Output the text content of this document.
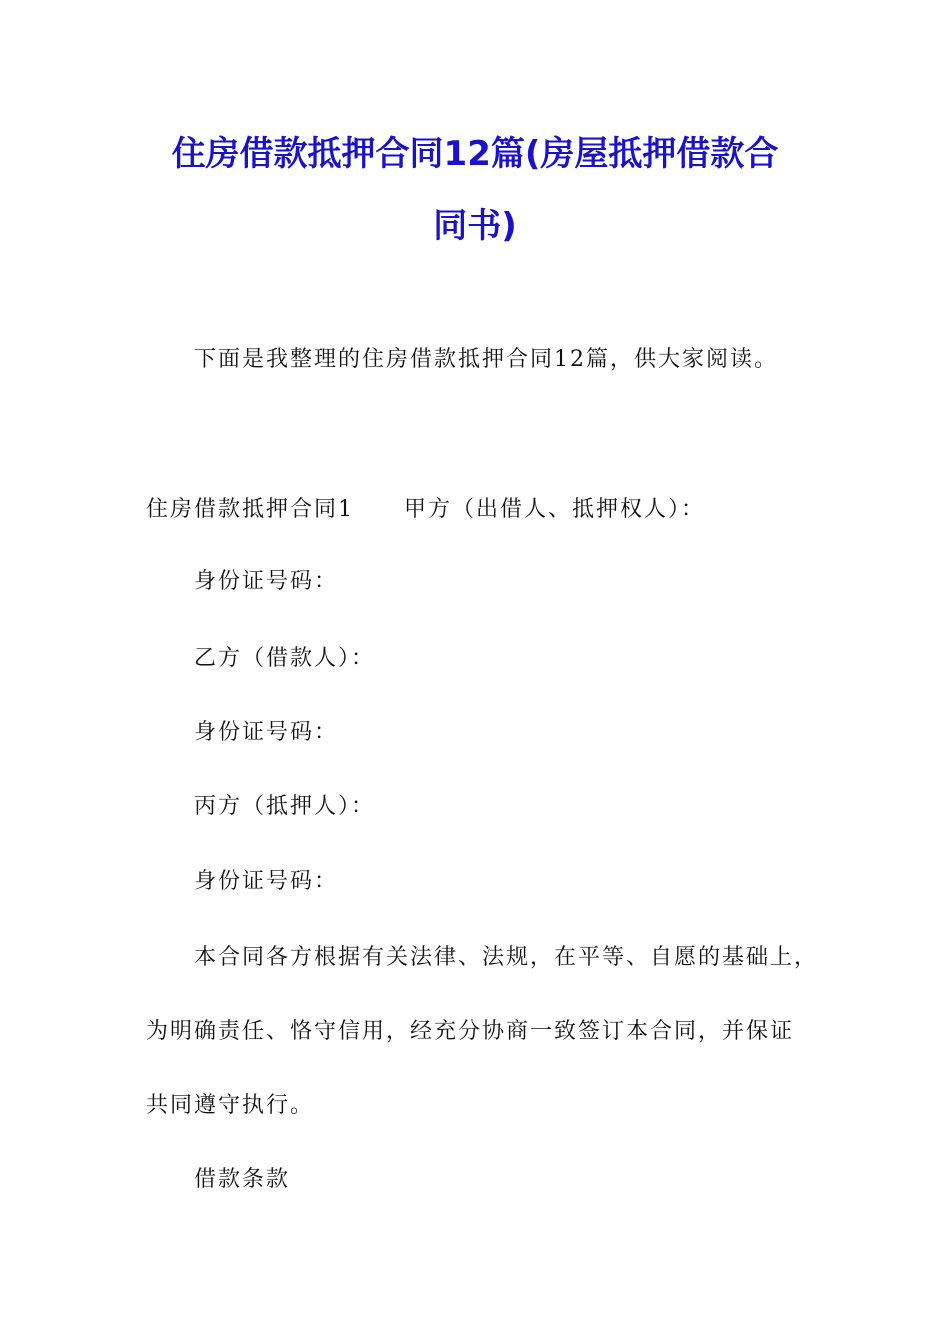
住房借款抵押合同12篇(房屋抵押借款合
同书)
下面是我整理的住房借款抵押合同12篇，供大家阅读。
住房借款抵押合同1 甲方（出借人、抵押权人）：
身份证号码：
乙方（借款人）：
身份证号码：
丙方（抵押人）：
身份证号码：
本合同各方根据有关法律、法规，在平等、自愿的基础上，
为明确责任、恪守信用，经充分协商一致签订本合同，并保证
共同遵守执行。
借款条款
